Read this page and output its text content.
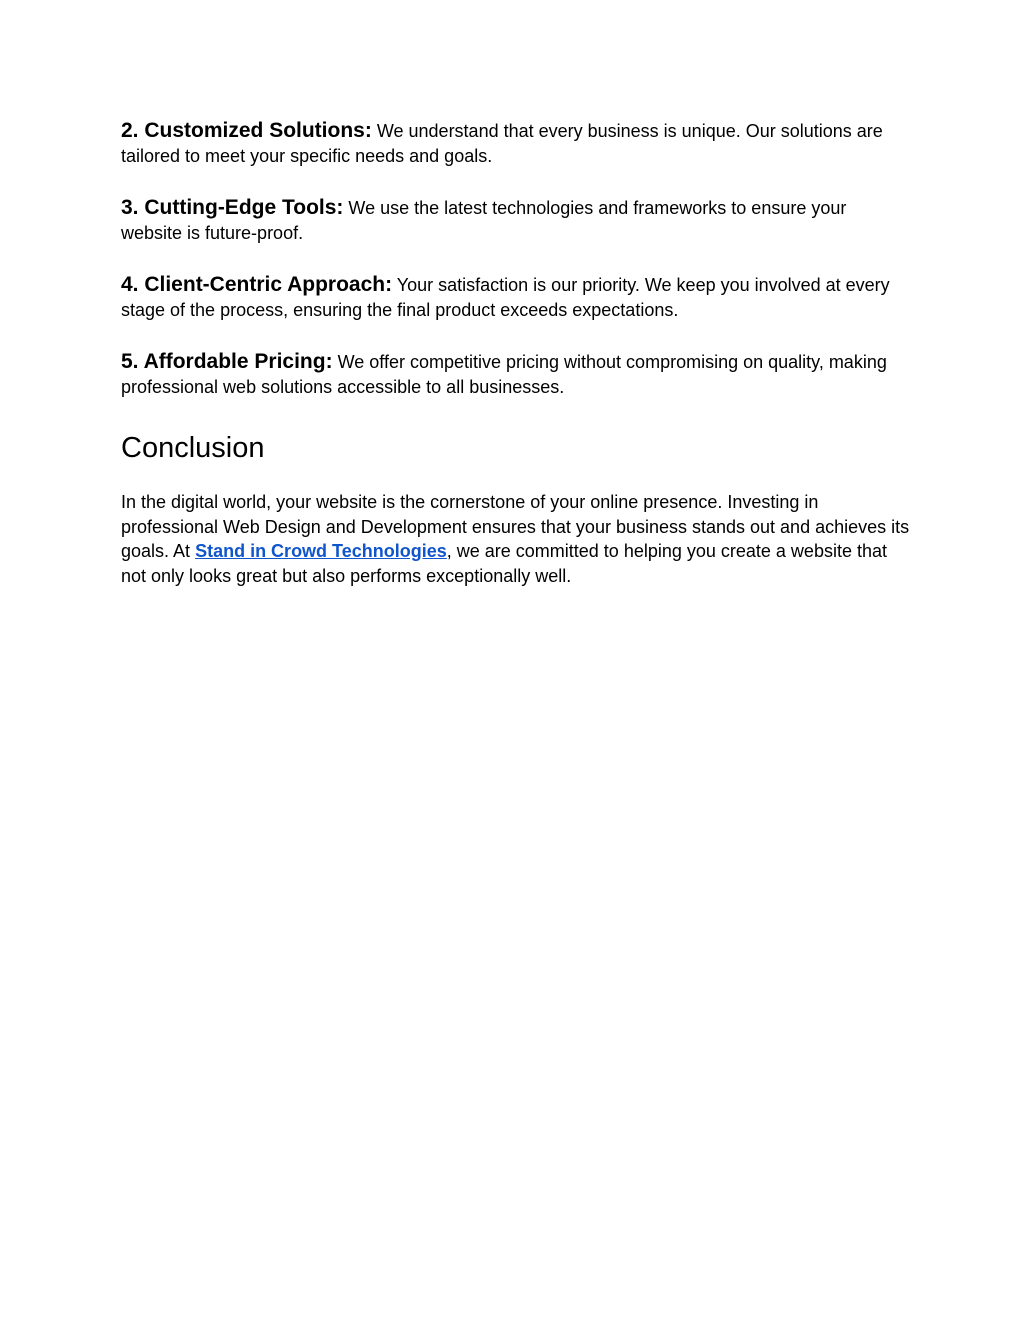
2. Customized Solutions: We understand that every business is unique. Our solutions are tailored to meet your specific needs and goals.

3. Cutting-Edge Tools: We use the latest technologies and frameworks to ensure your website is future-proof.

4. Client-Centric Approach: Your satisfaction is our priority. We keep you involved at every stage of the process, ensuring the final product exceeds expectations.

5. Affordable Pricing: We offer competitive pricing without compromising on quality, making professional web solutions accessible to all businesses.

Conclusion

In the digital world, your website is the cornerstone of your online presence. Investing in professional Web Design and Development ensures that your business stands out and achieves its goals. At Stand in Crowd Technologies, we are committed to helping you create a website that not only looks great but also performs exceptionally well.
